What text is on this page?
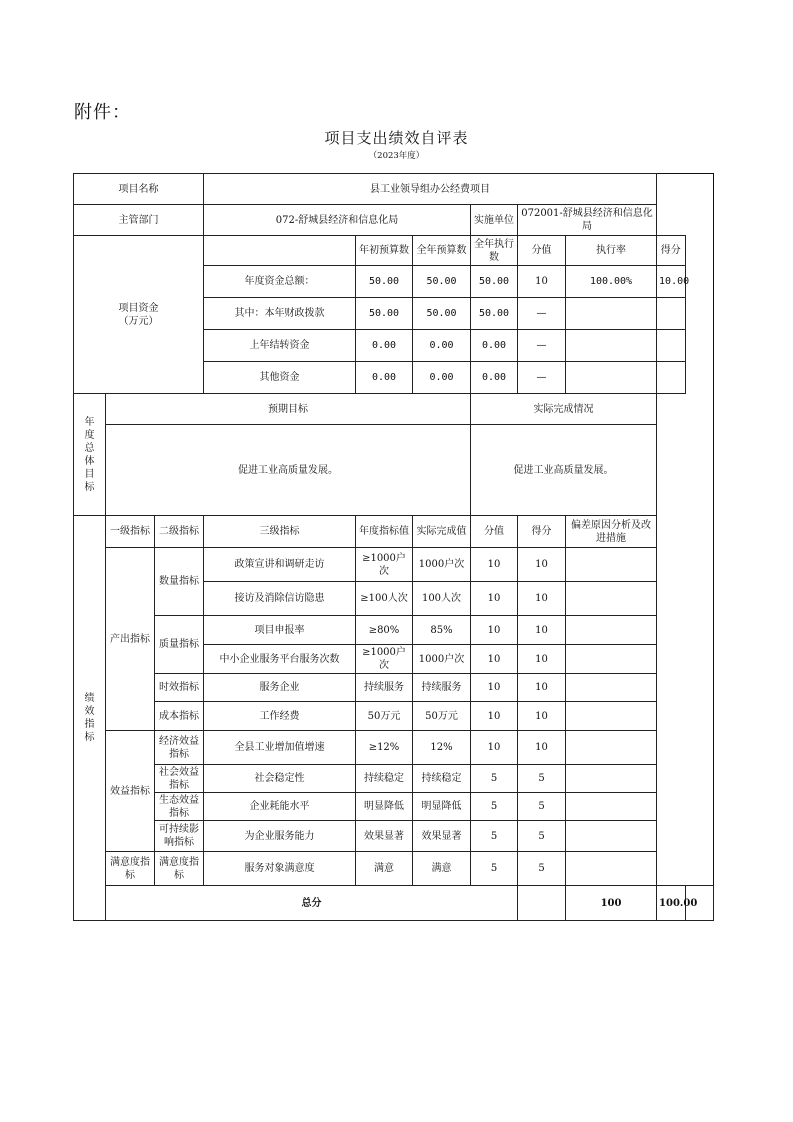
附件：
项目支出绩效自评表
（2023年度）
项目名称			县工业领导组办公经费项目							
主管部门			072-舒城县经济和信息化局			实施单位	072001-舒城县经济和信息化局			

项目资金
（万元）				年初预算数	全年预算数	全年执行数	分值	执行率	得分	
			年度资金总额：	50.00	50.00	50.00	10	100.00%	10.00	
			其中：本年财政拨款	50.00	50.00	50.00	—			
			上年结转资金	0.00	0.00	0.00	—			
			其他资金	0.00	0.00	0.00	—			
年度总体目标	预期目标					实际完成情况				
	促进工业高质量发展。					促进工业高质量发展。				
绩效指标	一级指标	二级指标	三级指标	年度指标值	实际完成值	分值	得分	偏差原因分析及改进措施		
	产出指标	数量指标	政策宣讲和调研走访	≥1000户次	1000户次	10	10			
			接访及消除信访隐患	≥100人次	100人次	10	10			
		质量指标	项目申报率	≥80%	85%	10	10			
			中小企业服务平台服务次数	≥1000户次	1000户次	10	10			
		时效指标	服务企业	持续服务	持续服务	10	10			
		成本指标	工作经费	50万元	50万元	10	10			
	效益指标	经济效益指标	全县工业增加值增速	≥12%	12%	10	10			
		社会效益指标	社会稳定性	持续稳定	持续稳定	5	5			
		生态效益指标	企业耗能水平	明显降低	明显降低	5	5			
		可持续影响指标	为企业服务能力	效果显著	效果显著	5	5			
	满意度指标	满意度指标	服务对象满意度	满意	满意	5	5			
	总分							100	100.00	
